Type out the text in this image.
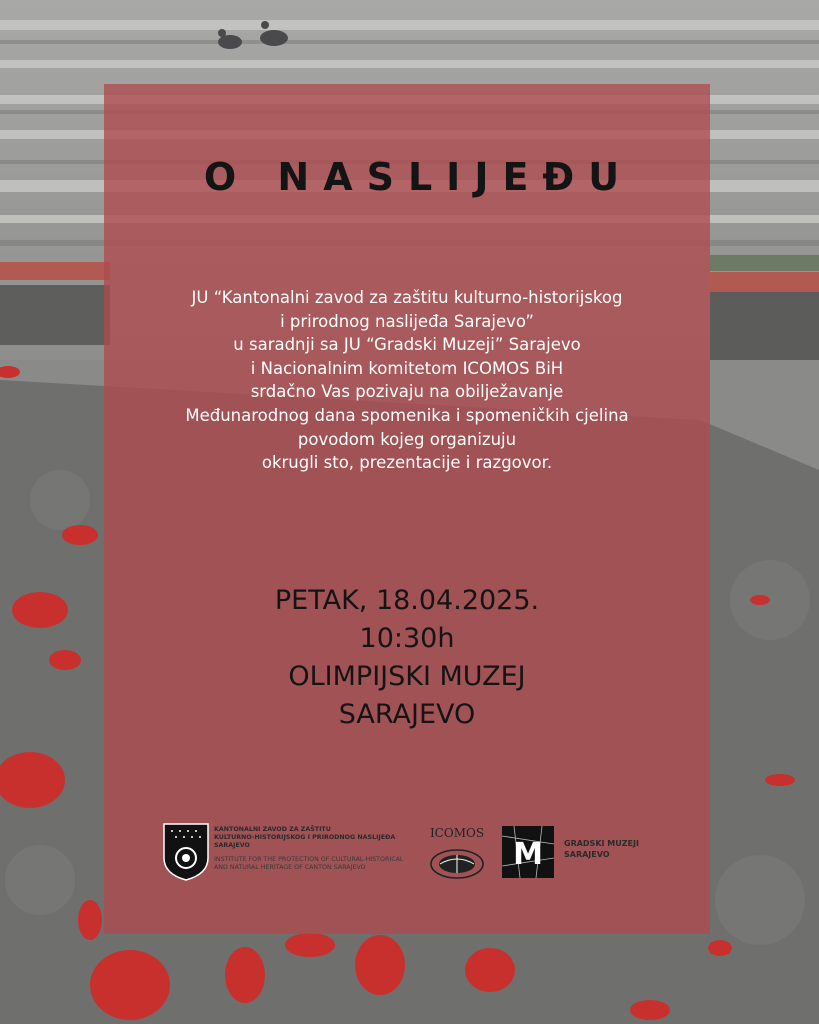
O NASLIJEĐU
JU “Kantonalni zavod za zaštitu kulturno-historijskog
i prirodnog naslijeđa Sarajevo”
u saradnji sa JU “Gradski Muzeji” Sarajevo
i Nacionalnim komitetom ICOMOS BiH
srdačno Vas pozivaju na obilježavanje
Međunarodnog dana spomenika i spomeničkih cjelina
povodom kojeg organizuju
okrugli sto, prezentacije i razgovor.
PETAK, 18.04.2025.
10:30h
OLIMPIJSKI MUZEJ
SARAJEVO
KANTONALNI ZAVOD ZA ZAŠTITU
KULTURNO-HISTORIJSKOG I PRIRODNOG NASLIJEĐA
SARAJEVO
INSTITUTE FOR THE PROTECTION OF CULTURAL-HISTORICAL
AND NATURAL HERITAGE OF CANTON SARAJEVO
ICOMOS
M	GRADSKI MUZEJI
SARAJEVO
